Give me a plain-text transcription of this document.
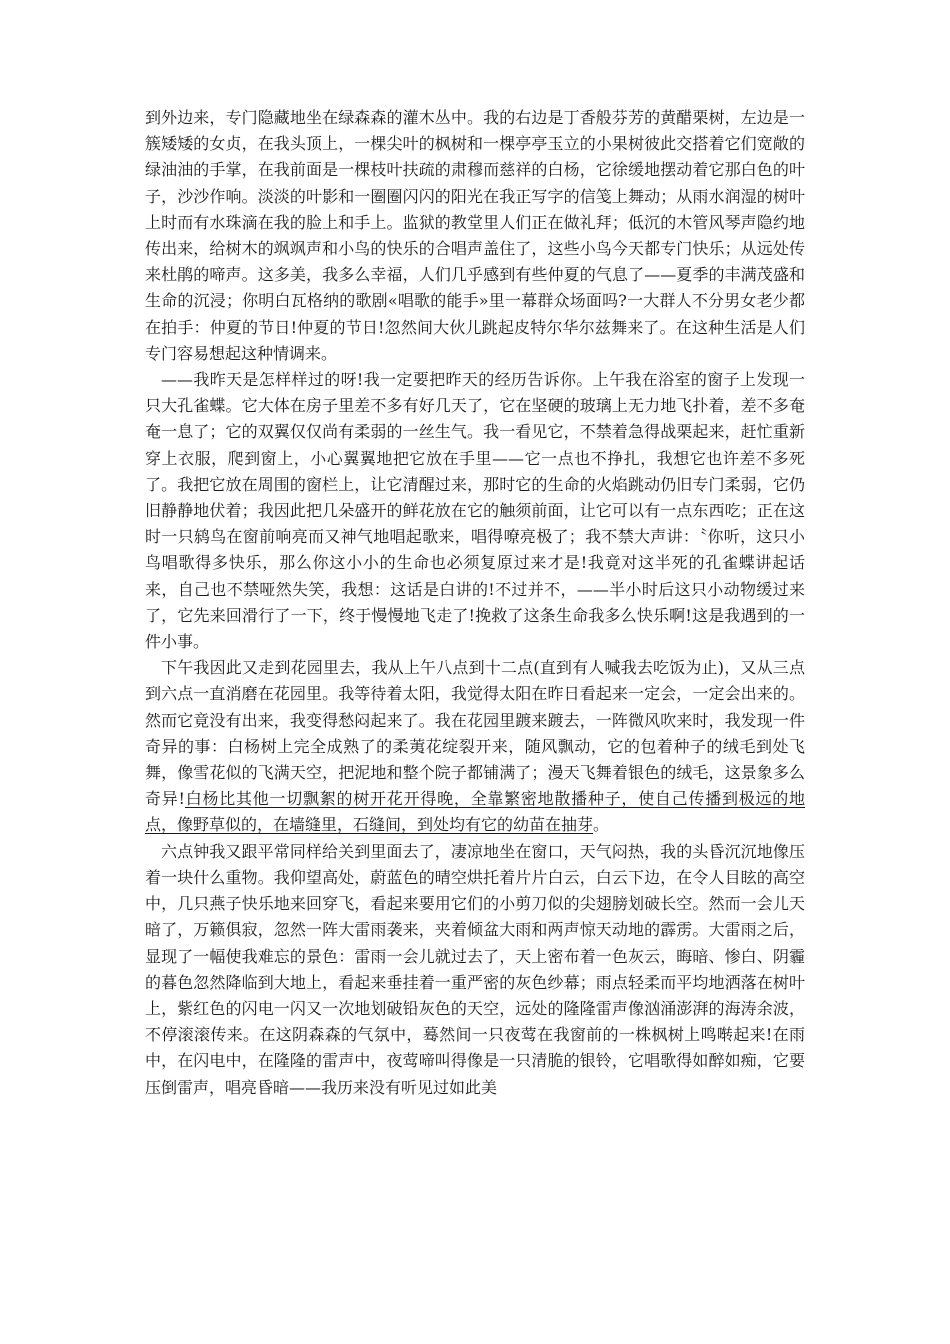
到外边来，专门隐藏地坐在绿森森的灌木丛中。我的右边是丁香般芬芳的黄醋栗树，左边是一簇矮矮的女贞，在我头顶上，一棵尖叶的枫树和一棵亭亭玉立的小果树彼此交搭着它们宽敞的绿油油的手掌，在我前面是一棵枝叶扶疏的肃穆而慈祥的白杨，它徐缓地摆动着它那白色的叶子，沙沙作响。淡淡的叶影和一圈圈闪闪的阳光在我正写字的信笺上舞动；从雨水润湿的树叶上时而有水珠滴在我的脸上和手上。监狱的教堂里人们正在做礼拜；低沉的木管风琴声隐约地传出来，给树木的飒飒声和小鸟的快乐的合唱声盖住了，这些小鸟今天都专门快乐；从远处传来杜鹃的啼声。这多美，我多么幸福，人们几乎感到有些仲夏的气息了——夏季的丰满茂盛和生命的沉浸；你明白瓦格纳的歌剧«唱歌的能手»里一幕群众场面吗?一大群人不分男女老少都在拍手：仲夏的节日!仲夏的节日!忽然间大伙儿跳起皮特尔华尔兹舞来了。在这种生活是人们专门容易想起这种情调来。

——我昨天是怎样样过的呀!我一定要把昨天的经历告诉你。上午我在浴室的窗子上发现一只大孔雀蝶。它大体在房子里差不多有好几天了，它在坚硬的玻璃上无力地飞扑着，差不多奄奄一息了；它的双翼仅仅尚有柔弱的一丝生气。我一看见它，不禁着急得战栗起来，赶忙重新穿上衣服，爬到窗上，小心翼翼地把它放在手里——它一点也不挣扎，我想它也许差不多死了。我把它放在周围的窗栏上，让它清醒过来，那时它的生命的火焰跳动仍旧专门柔弱，它仍旧静静地伏着；我因此把几朵盛开的鲜花放在它的触须前面，让它可以有一点东西吃；正在这时一只鸫鸟在窗前响亮而又神气地唱起歌来，唱得嘹亮极了；我不禁大声讲：〝你听，这只小鸟唱歌得多快乐，那么你这小小的生命也必须复原过来才是!我竟对这半死的孔雀蝶讲起话来，自己也不禁哑然失笑，我想：这话是白讲的!不过并不，——半小时后这只小动物缓过来了，它先来回滑行了一下，终于慢慢地飞走了!挽救了这条生命我多么快乐啊!这是我遇到的一件小事。

下午我因此又走到花园里去，我从上午八点到十二点(直到有人喊我去吃饭为止)，又从三点到六点一直消磨在花园里。我等待着太阳，我觉得太阳在昨日看起来一定会，一定会出来的。然而它竟没有出来，我变得愁闷起来了。我在花园里踱来踱去，一阵微风吹来时，我发现一件奇异的事：白杨树上完全成熟了的柔荑花绽裂开来，随风飘动，它的包着种子的绒毛到处飞舞，像雪花似的飞满天空，把泥地和整个院子都铺满了；漫天飞舞着银色的绒毛，这景象多么奇异!白杨比其他一切飘絮的树开花开得晚，全靠繁密地散播种子，使自己传播到极远的地点，像野草似的，在墙缝里，石缝间，到处均有它的幼苗在抽芽。

六点钟我又跟平常同样给关到里面去了，凄凉地坐在窗口，天气闷热，我的头昏沉沉地像压着一块什么重物。我仰望高处，蔚蓝色的晴空烘托着片片白云，白云下边，在令人目眩的高空中，几只燕子快乐地来回穿飞，看起来要用它们的小剪刀似的尖翅膀划破长空。然而一会儿天暗了，万籁俱寂，忽然一阵大雷雨袭来，夹着倾盆大雨和两声惊天动地的霹雳。大雷雨之后，显现了一幅使我难忘的景色：雷雨一会儿就过去了，天上密布着一色灰云，晦暗、惨白、阴霾的暮色忽然降临到大地上，看起来垂挂着一重严密的灰色纱幕；雨点轻柔而平均地洒落在树叶上，紫红色的闪电一闪又一次地划破铅灰色的天空，远处的隆隆雷声像汹涌澎湃的海涛余波，不停滚滚传来。在这阴森森的气氛中，蓦然间一只夜莺在我窗前的一株枫树上鸣啭起来!在雨中，在闪电中，在隆隆的雷声中，夜莺啼叫得像是一只清脆的银铃，它唱歌得如醉如痴，它要压倒雷声，唱亮昏暗——我历来没有听见过如此美
